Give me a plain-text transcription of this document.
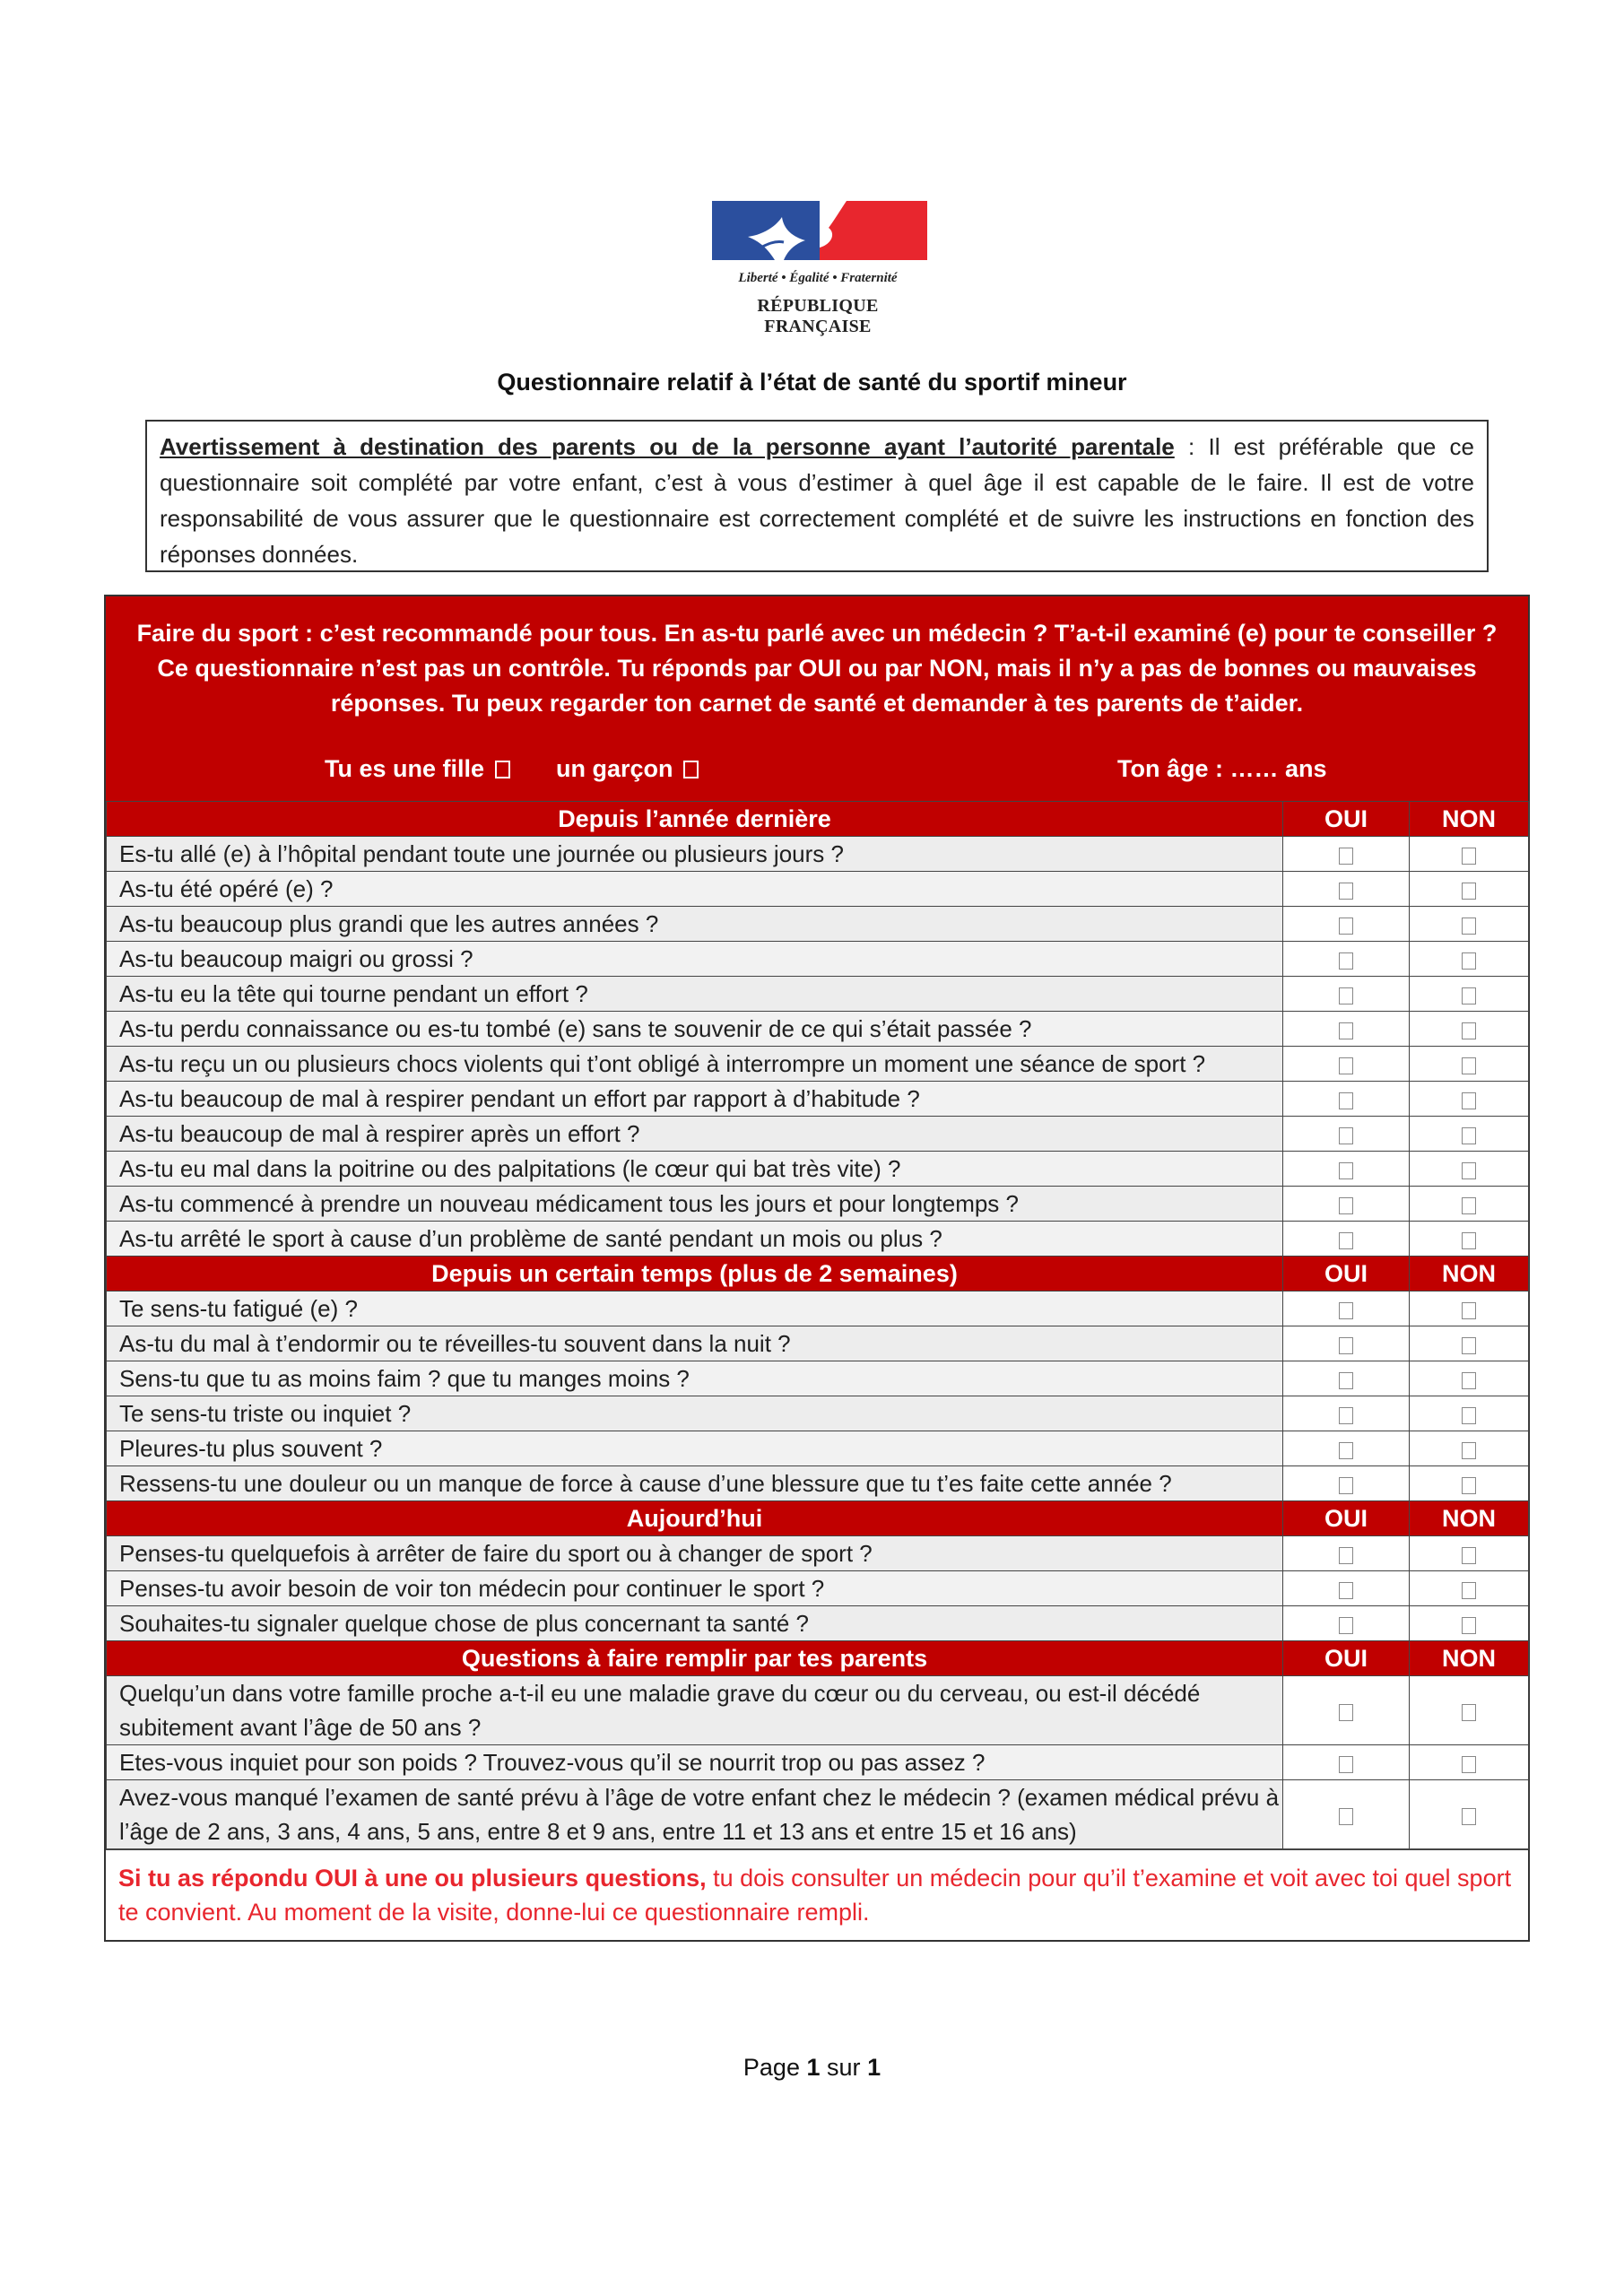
Liberté • Égalité • Fraternité
RÉPUBLIQUE FRANÇAISE
Questionnaire relatif à l’état de santé du sportif mineur
Avertissement à destination des parents ou de la personne ayant l’autorité parentale : Il est préférable que ce questionnaire soit complété par votre enfant, c’est à vous d’estimer à quel âge il est capable de le faire. Il est de votre responsabilité de vous assurer que le questionnaire est correctement complété et de suivre les instructions en fonction des réponses données.
Faire du sport : c’est recommandé pour tous. En as-tu parlé avec un médecin ? T’a-t-il examiné (e) pour te conseiller ?
Ce questionnaire n’est pas un contrôle. Tu réponds par OUI ou par NON, mais il n’y a pas de bonnes ou mauvaises
réponses. Tu peux regarder ton carnet de santé et demander à tes parents de t’aider.
Tu es une fille	un garçon	Ton âge : …… ans
Depuis l’année dernière	OUI	NON
Es-tu allé (e) à l’hôpital pendant toute une journée ou plusieurs jours ?		
As-tu été opéré (e) ?		
As-tu beaucoup plus grandi que les autres années ?		
As-tu beaucoup maigri ou grossi ?		
As-tu eu la tête qui tourne pendant un effort ?		
As-tu perdu connaissance ou es-tu tombé (e) sans te souvenir de ce qui s’était passée ?		
As-tu reçu un ou plusieurs chocs violents qui t’ont obligé à interrompre un moment une séance de sport ?		
As-tu beaucoup de mal à respirer pendant un effort par rapport à d’habitude ?		
As-tu beaucoup de mal à respirer après un effort ?		
As-tu eu mal dans la poitrine ou des palpitations (le cœur qui bat très vite) ?		
As-tu commencé à prendre un nouveau médicament tous les jours et pour longtemps ?		
As-tu arrêté le sport à cause d’un problème de santé pendant un mois ou plus ?		
Depuis un certain temps (plus de 2 semaines)	OUI	NON
Te sens-tu fatigué (e) ?		
As-tu du mal à t’endormir ou te réveilles-tu souvent dans la nuit ?		
Sens-tu que tu as moins faim ? que tu manges moins ?		
Te sens-tu triste ou inquiet ?		
Pleures-tu plus souvent ?		
Ressens-tu une douleur ou un manque de force à cause d’une blessure que tu t’es faite cette année ?		
Aujourd’hui	OUI	NON
Penses-tu quelquefois à arrêter de faire du sport ou à changer de sport ?		
Penses-tu avoir besoin de voir ton médecin pour continuer le sport ?		
Souhaites-tu signaler quelque chose de plus concernant ta santé ?		
Questions à faire remplir par tes parents	OUI	NON
Quelqu’un dans votre famille proche a-t-il eu une maladie grave du cœur ou du cerveau, ou est-il décédé subitement avant l’âge de 50 ans ?		
Etes-vous inquiet pour son poids ? Trouvez-vous qu’il se nourrit trop ou pas assez ?		
Avez-vous manqué l’examen de santé prévu à l’âge de votre enfant chez le médecin ? (examen médical prévu à l’âge de 2 ans, 3 ans, 4 ans, 5 ans, entre 8 et 9 ans, entre 11 et 13 ans et entre 15 et 16 ans)		
Si tu as répondu OUI à une ou plusieurs questions, tu dois consulter un médecin pour qu’il t’examine et voit avec toi quel sport te convient. Au moment de la visite, donne-lui ce questionnaire rempli.
Page 1 sur 1
